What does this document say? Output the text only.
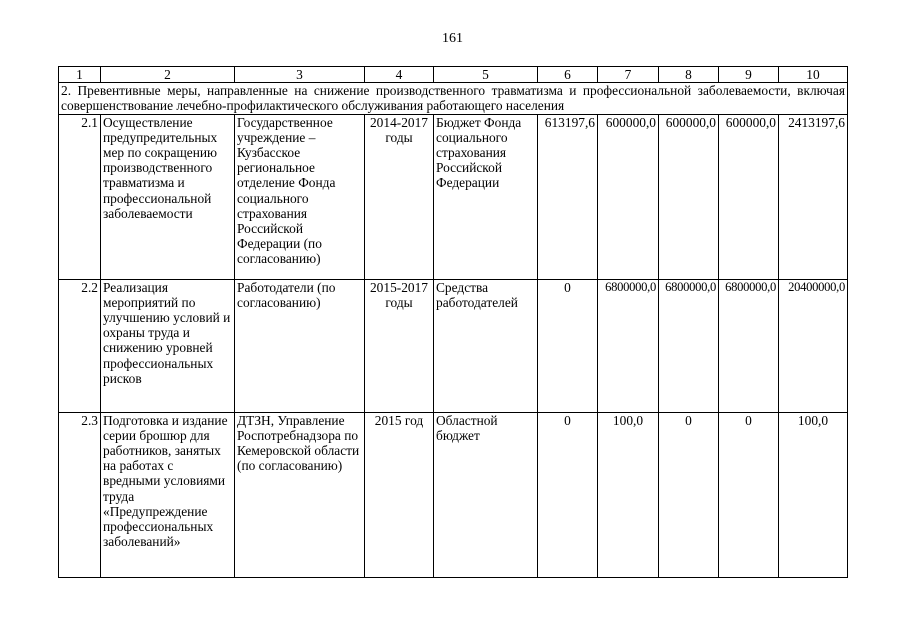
161
1	2	3	4	5	6	7	8	9	10
2. Превентивные меры, направленные на снижение производственного травматизма и профессиональной заболеваемости, включая совершенствование лечебно-профилактического обслуживания работающего населения									
2.1	Осуществление предупредительных мер по сокращению производственного травматизма и профессиональной заболеваемости	Государственное учреждение – Кузбасское региональное отделение Фонда социального страхования Российской Федерации (по согласованию)	2014-2017 годы	Бюджет Фонда социального страхования Российской Федерации	613197,6	600000,0	600000,0	600000,0	2413197,6
2.2	Реализация мероприятий по улучшению условий и охраны труда и снижению уровней профессиональных рисков	Работодатели (по согласованию)	2015-2017 годы	Средства работодателей	0	6800000,0	6800000,0	6800000,0	20400000,0
2.3	Подготовка и издание серии брошюр для работников, занятых на работах с вредными условиями труда «Предупреждение профессиональных заболеваний»	ДТЗН, Управление Роспотребнадзора по Кемеровской области (по согласованию)	2015 год	Областной бюджет	0	100,0	0	0	100,0
